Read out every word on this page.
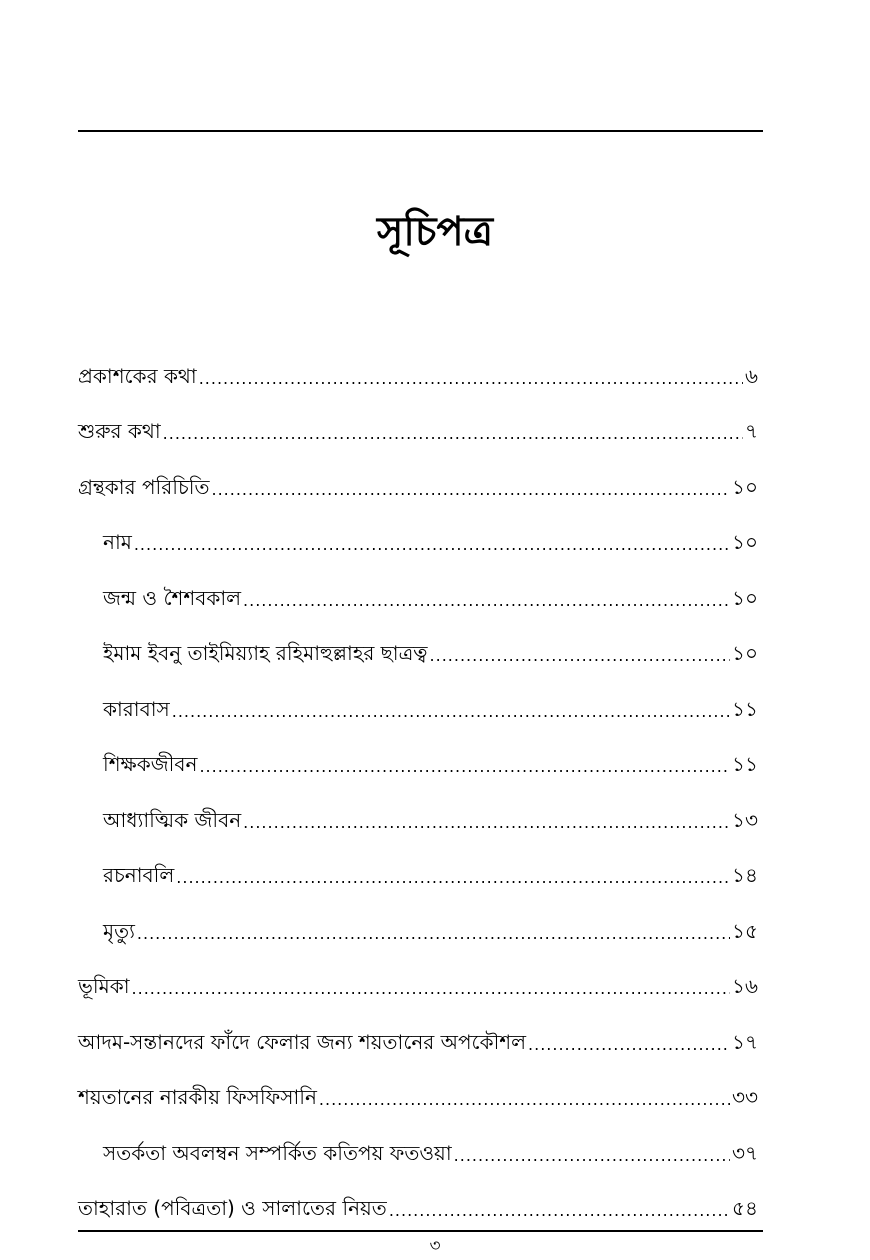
সূচিপত্র
প্রকাশকের কথা .....	৬
শুরুর কথা .....	৭
গ্রন্থকার পরিচিতি .....	১০
নাম .....	১০
জন্ম ও শৈশবকাল .....	১০
ইমাম ইবনু তাইমিয়্যাহ রহিমাহুল্লাহর ছাত্রত্ব .....	১০
কারাবাস .....	১১
শিক্ষকজীবন .....	১১
আধ্যাত্মিক জীবন .....	১৩
রচনাবলি .....	১৪
মৃত্যু .....	১৫
ভূমিকা .....	১৬
আদম-সন্তানদের ফাঁদে ফেলার জন্য শয়তানের অপকৌশল .....	১৭
শয়তানের নারকীয় ফিসফিসানি .....	৩৩
সতর্কতা অবলম্বন সম্পর্কিত কতিপয় ফতওয়া .....	৩৭
তাহারাত (পবিত্রতা) ও সালাতের নিয়ত .....	৫৪
৩
